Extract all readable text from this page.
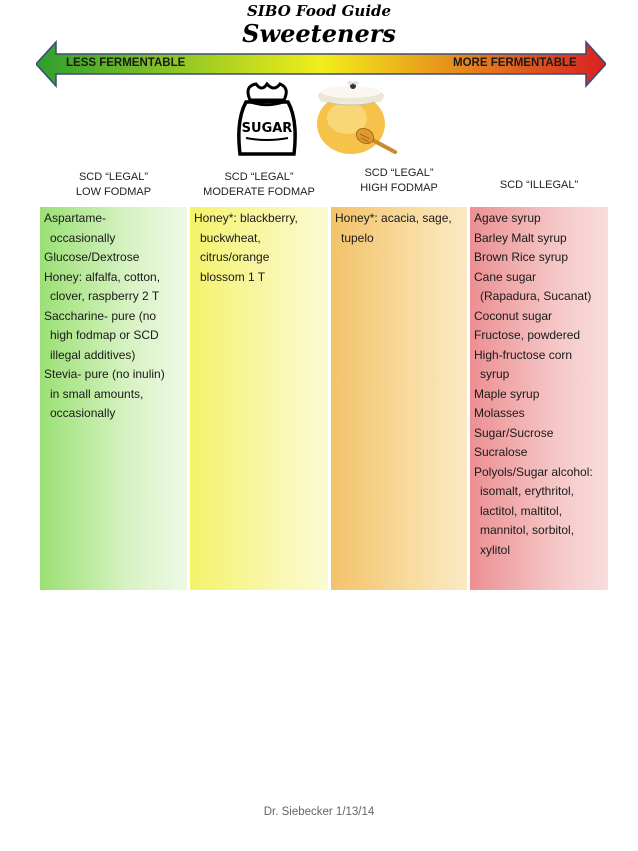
SIBO Food Guide
Sweeteners
LESS FERMENTABLE	MORE FERMENTABLE
SUGAR
SCD “LEGAL”
LOW FODMAP
SCD “LEGAL”
MODERATE FODMAP
SCD “LEGAL”
HIGH FODMAP	SCD “ILLEGAL”
Aspartame-

occasionally
Glucose/Dextrose

Honey: alfalfa, cotton,

clover, raspberry 2 T
Saccharine- pure (no

high fodmap or SCD
illegal additives)
Stevia- pure (no inulin)

in small amounts,
occasionally
Honey*: blackberry,

buckwheat,
citrus/orange
blossom 1 T
Honey*: acacia, sage,

tupelo
Agave syrup

Barley Malt syrup

Brown Rice syrup

Cane sugar

(Rapadura, Sucanat)
Coconut sugar

Fructose, powdered

High-fructose corn

syrup
Maple syrup

Molasses

Sugar/Sucrose

Sucralose

Polyols/Sugar alcohol:

isomalt, erythritol,
lactitol, maltitol,
mannitol, sorbitol,
xylitol
Dr. Siebecker 1/13/14
